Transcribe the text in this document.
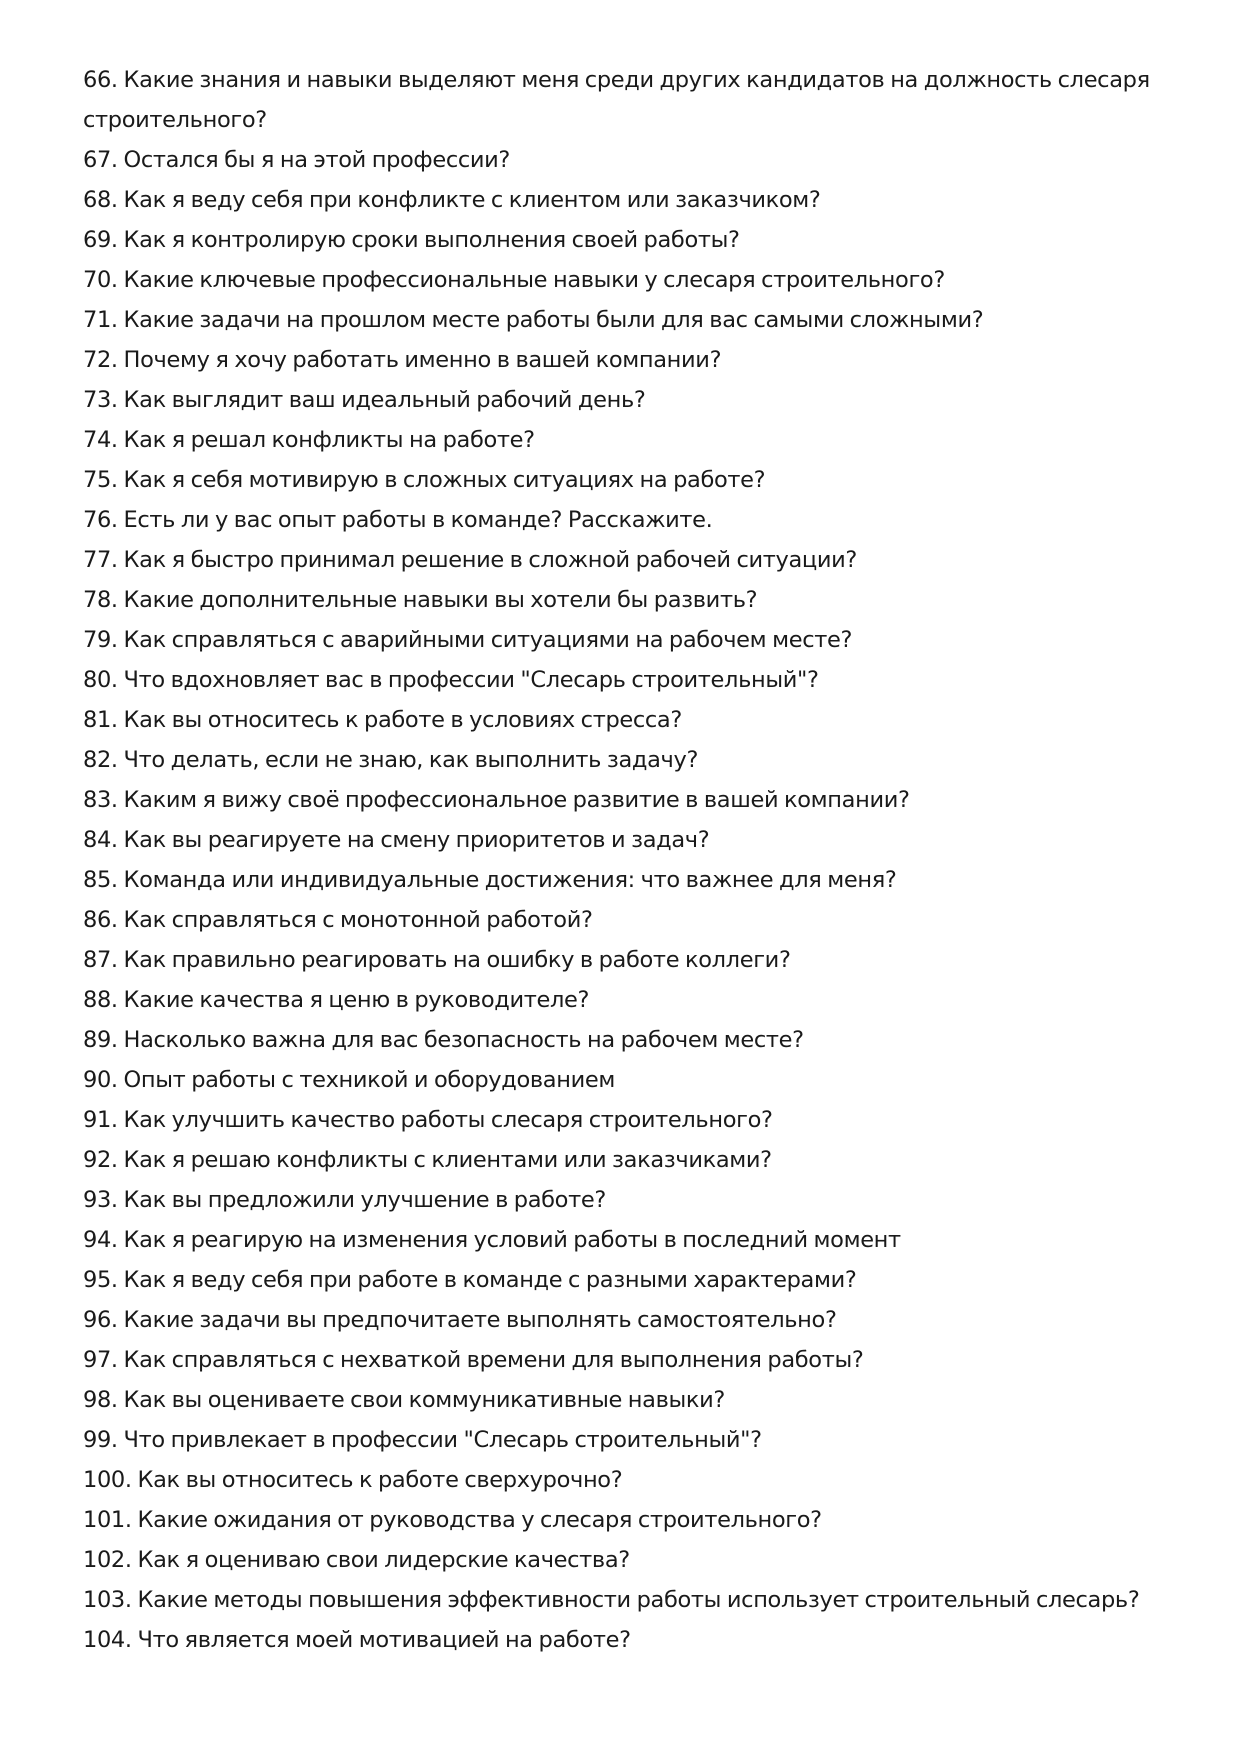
66. Какие знания и навыки выделяют меня среди других кандидатов на должность слесаря строительного?
67. Остался бы я на этой профессии?
68. Как я веду себя при конфликте с клиентом или заказчиком?
69. Как я контролирую сроки выполнения своей работы?
70. Какие ключевые профессиональные навыки у слесаря строительного?
71. Какие задачи на прошлом месте работы были для вас самыми сложными?
72. Почему я хочу работать именно в вашей компании?
73. Как выглядит ваш идеальный рабочий день?
74. Как я решал конфликты на работе?
75. Как я себя мотивирую в сложных ситуациях на работе?
76. Есть ли у вас опыт работы в команде? Расскажите.
77. Как я быстро принимал решение в сложной рабочей ситуации?
78. Какие дополнительные навыки вы хотели бы развить?
79. Как справляться с аварийными ситуациями на рабочем месте?
80. Что вдохновляет вас в профессии "Слесарь строительный"?
81. Как вы относитесь к работе в условиях стресса?
82. Что делать, если не знаю, как выполнить задачу?
83. Каким я вижу своё профессиональное развитие в вашей компании?
84. Как вы реагируете на смену приоритетов и задач?
85. Команда или индивидуальные достижения: что важнее для меня?
86. Как справляться с монотонной работой?
87. Как правильно реагировать на ошибку в работе коллеги?
88. Какие качества я ценю в руководителе?
89. Насколько важна для вас безопасность на рабочем месте?
90. Опыт работы с техникой и оборудованием
91. Как улучшить качество работы слесаря строительного?
92. Как я решаю конфликты с клиентами или заказчиками?
93. Как вы предложили улучшение в работе?
94. Как я реагирую на изменения условий работы в последний момент
95. Как я веду себя при работе в команде с разными характерами?
96. Какие задачи вы предпочитаете выполнять самостоятельно?
97. Как справляться с нехваткой времени для выполнения работы?
98. Как вы оцениваете свои коммуникативные навыки?
99. Что привлекает в профессии "Слесарь строительный"?
100. Как вы относитесь к работе сверхурочно?
101. Какие ожидания от руководства у слесаря строительного?
102. Как я оцениваю свои лидерские качества?
103. Какие методы повышения эффективности работы использует строительный слесарь?
104. Что является моей мотивацией на работе?
